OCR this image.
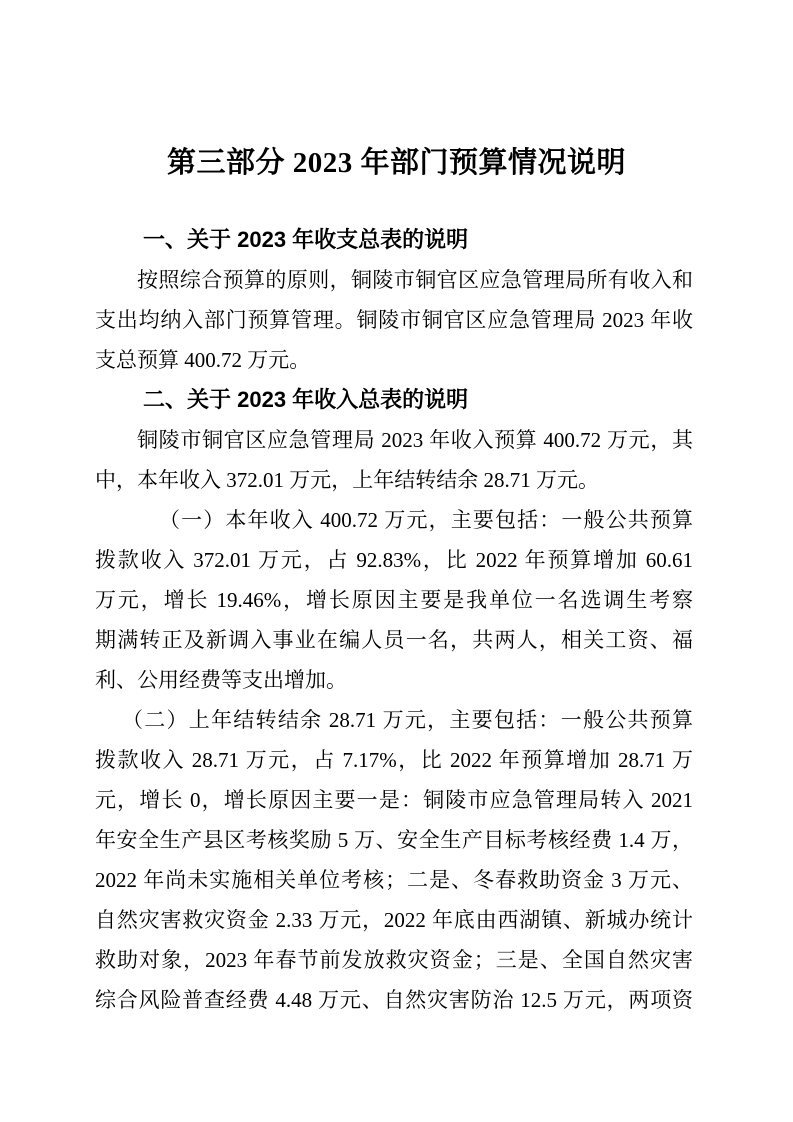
第三部分 2023 年部门预算情况说明
一、关于 2023 年收支总表的说明
按照综合预算的原则，铜陵市铜官区应急管理局所有收入和
支出均纳入部门预算管理。铜陵市铜官区应急管理局 2023 年收
支总预算 400.72 万元。
二、关于 2023 年收入总表的说明
铜陵市铜官区应急管理局 2023 年收入预算 400.72 万元，其
中，本年收入 372.01 万元，上年结转结余 28.71 万元。
（一）本年收入 400.72 万元，主要包括：一般公共预算
拨款收入 372.01 万元，占 92.83%，比 2022 年预算增加 60.61
万元，增长 19.46%，增长原因主要是我单位一名选调生考察
期满转正及新调入事业在编人员一名，共两人，相关工资、福
利、公用经费等支出增加。
（二）上年结转结余 28.71 万元，主要包括：一般公共预算
拨款收入 28.71 万元，占 7.17%，比 2022 年预算增加 28.71 万
元，增长 0，增长原因主要一是：铜陵市应急管理局转入 2021
年安全生产县区考核奖励 5 万、安全生产目标考核经费 1.4 万，
2022 年尚未实施相关单位考核；二是、冬春救助资金 3 万元、
自然灾害救灾资金 2.33 万元，2022 年底由西湖镇、新城办统计
救助对象，2023 年春节前发放救灾资金；三是、全国自然灾害
综合风险普查经费 4.48 万元、自然灾害防治 12.5 万元，两项资
